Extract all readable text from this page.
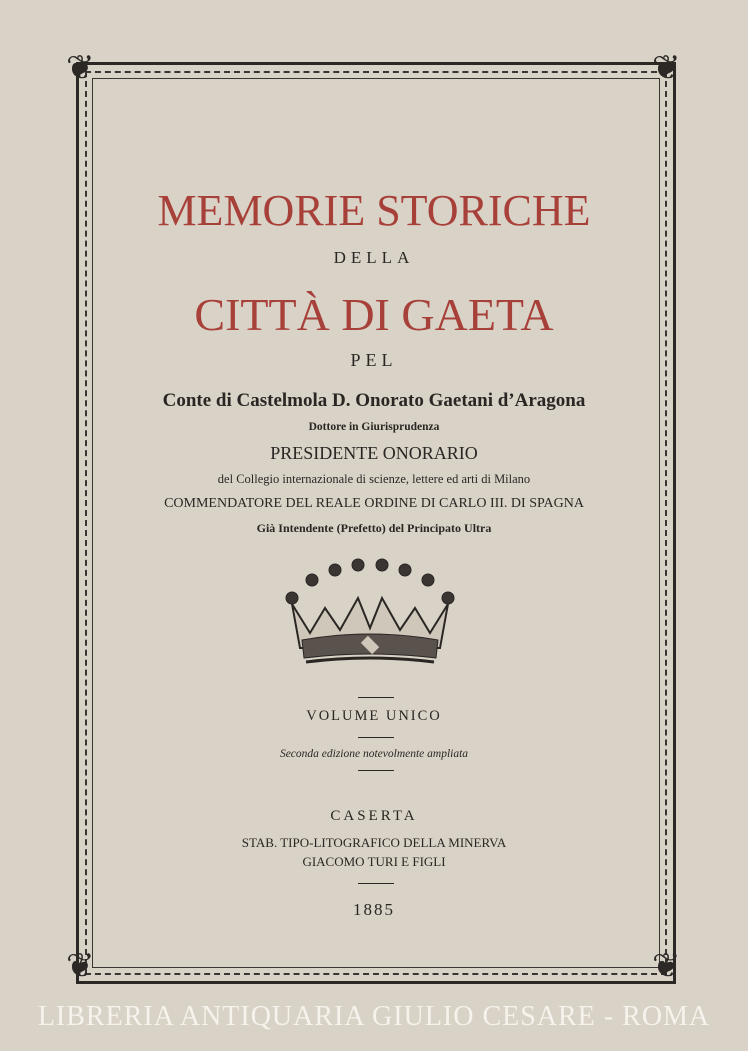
❦	❦
❦	❦
MEMORIE STORICHE
DELLA
CITTÀ DI GAETA
PEL
Conte di Castelmola D. Onorato Gaetani d’Aragona
Dottore in Giurisprudenza
PRESIDENTE ONORARIO
del Collegio internazionale di scienze, lettere ed arti di Milano
COMMENDATORE DEL REALE ORDINE DI CARLO III. DI SPAGNA
Già Intendente (Prefetto) del Principato Ultra
VOLUME UNICO
Seconda edizione notevolmente ampliata
CASERTA
STAB. TIPO-LITOGRAFICO DELLA MINERVA
GIACOMO TURI E FIGLI
1885
LIBRERIA ANTIQUARIA GIULIO CESARE - ROMA
